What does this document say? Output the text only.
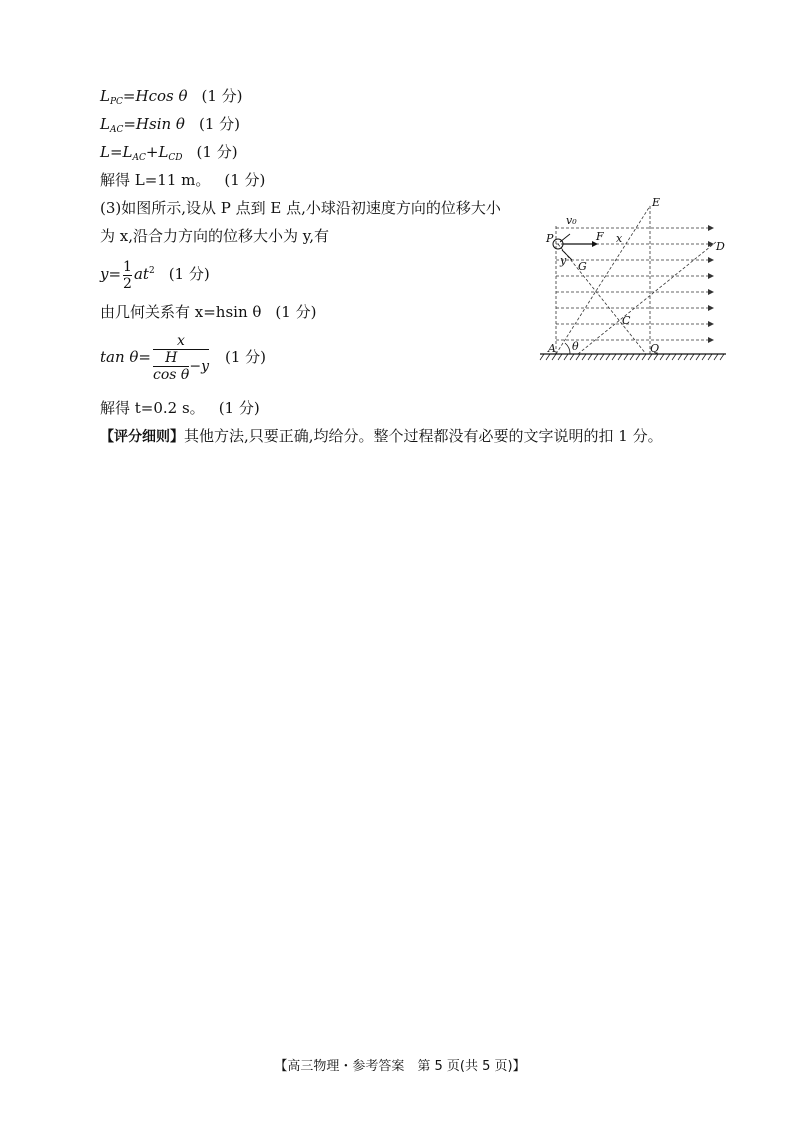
$L_{PC}=Hcos$ θ (1 分)
$L_{AC}=Hsin$ θ (1 分)
$L=L_{AC}+L_{CD}$ (1 分)
解得 L=11 m。 (1 分)
(3)如图所示,设从 P 点到 E 点,小球沿初速度方向的位移大小
为 x,沿合力方向的位移大小为 y,有
$y= \frac{1}{2} at^2$ (1 分)
由几何关系有 x=hsin θ (1 分)
$\tan \theta= \frac{x}{\frac{H}{\text{cos θ}} -y} (1$ 分)
解得 t=0.2 s。 (1 分)
【评分细则】其他方法,只要正确,均给分。整个过程都没有必要的文字说明的扣 1 分。
E
v₀
P	F x
D
y G
C
A θ	Q
【高三物理・参考答案　第 5 页(共 5 页)】
